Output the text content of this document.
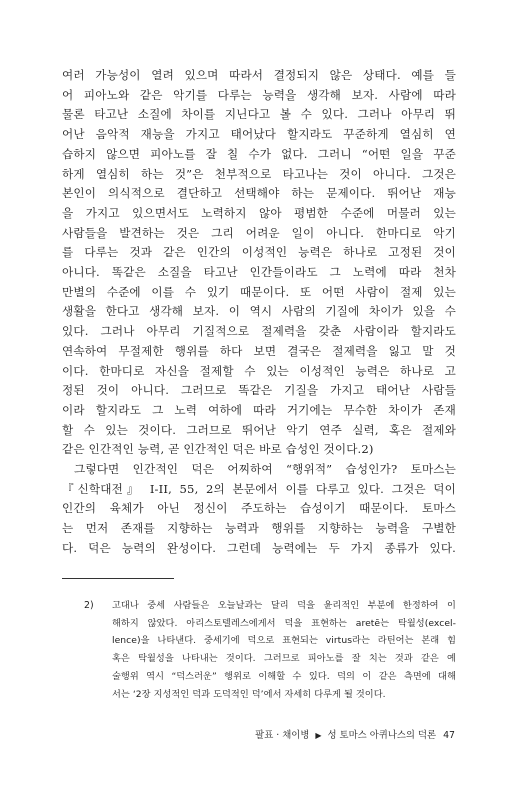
여러 가능성이 열려 있으며 따라서 결정되지 않은 상태다. 예를 들
어 피아노와 같은 악기를 다루는 능력을 생각해 보자. 사람에 따라
물론 타고난 소질에 차이를 지닌다고 볼 수 있다. 그러나 아무리 뛰
어난 음악적 재능을 가지고 태어났다 할지라도 꾸준하게 열심히 연
습하지 않으면 피아노를 잘 칠 수가 없다. 그러니 “어떤 일을 꾸준
하게 열심히 하는 것”은 천부적으로 타고나는 것이 아니다. 그것은
본인이 의식적으로 결단하고 선택해야 하는 문제이다. 뛰어난 재능
을 가지고 있으면서도 노력하지 않아 평범한 수준에 머물러 있는
사람들을 발견하는 것은 그리 어려운 일이 아니다. 한마디로 악기
를 다루는 것과 같은 인간의 이성적인 능력은 하나로 고정된 것이
아니다. 똑같은 소질을 타고난 인간들이라도 그 노력에 따라 천차
만별의 수준에 이를 수 있기 때문이다. 또 어떤 사람이 절제 있는
생활을 한다고 생각해 보자. 이 역시 사람의 기질에 차이가 있을 수
있다. 그러나 아무리 기질적으로 절제력을 갖춘 사람이라 할지라도
연속하여 무절제한 행위를 하다 보면 결국은 절제력을 잃고 말 것
이다. 한마디로 자신을 절제할 수 있는 이성적인 능력은 하나로 고
정된 것이 아니다. 그러므로 똑같은 기질을 가지고 태어난 사람들
이라 할지라도 그 노력 여하에 따라 거기에는 무수한 차이가 존재
할 수 있는 것이다. 그러므로 뛰어난 악기 연주 실력, 혹은 절제와
같은 인간적인 능력, 곧 인간적인 덕은 바로 습성인 것이다.2)
그렇다면 인간적인 덕은 어찌하여 “행위적” 습성인가? 토마스는
『신학대전』 I-II, 55, 2의 본문에서 이를 다루고 있다. 그것은 덕이
인간의 육체가 아닌 정신이 주도하는 습성이기 때문이다. 토마스
는 먼저 존재를 지향하는 능력과 행위를 지향하는 능력을 구별한
다. 덕은 능력의 완성이다. 그런데 능력에는 두 가지 종류가 있다.
2) 고대나 중세 사람들은 오늘날과는 달리 덕을 윤리적인 부분에 한정하여 이
해하지 않았다. 아리스토텔레스에게서 덕을 표현하는 aretē는 탁월성(excel-
lence)을 나타낸다. 중세기에 덕으로 표현되는 virtus라는 라틴어는 본래 힘
혹은 탁월성을 나타내는 것이다. 그러므로 피아노를 잘 치는 것과 같은 예
술행위 역시 “덕스러운” 행위로 이해할 수 있다. 덕의 이 같은 측면에 대해
서는 ‘2장 지성적인 덕과 도덕적인 덕’에서 자세히 다루게 될 것이다.
팔표 · 채이병 ▶ 성 토마스 아퀴나스의 덕론 47
